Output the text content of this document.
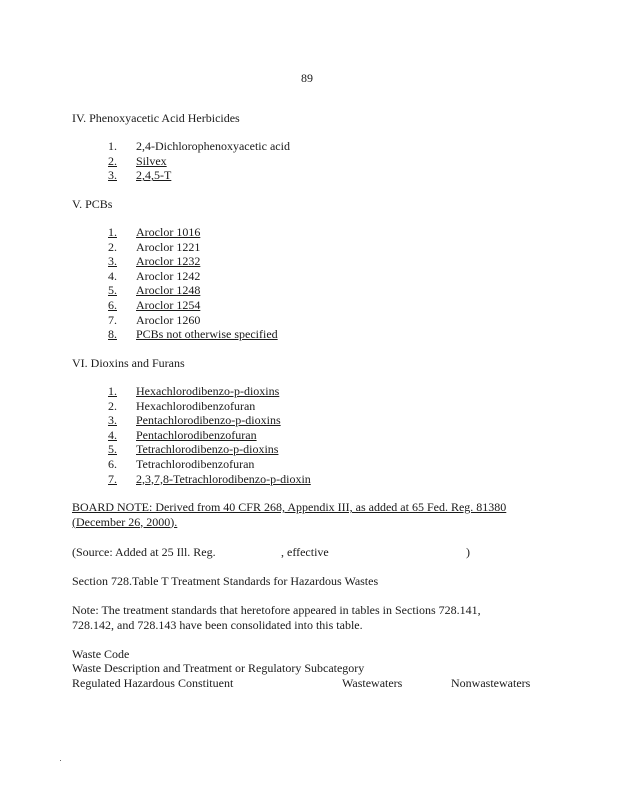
89
IV. Phenoxyacetic Acid Herbicides
1.	2,4-Dichlorophenoxyacetic acid
2.	Silvex
3.	2,4,5-T
V. PCBs
1.	Aroclor 1016
2.	Aroclor 1221
3.	Aroclor 1232
4.	Aroclor 1242
5.	Aroclor 1248
6.	Aroclor 1254
7.	Aroclor 1260
8.	PCBs not otherwise specified
VI. Dioxins and Furans
1.	Hexachlorodibenzo-p-dioxins
2.	Hexachlorodibenzofuran
3.	Pentachlorodibenzo-p-dioxins
4.	Pentachlorodibenzofuran
5.	Tetrachlorodibenzo-p-dioxins
6.	Tetrachlorodibenzofuran
7.	2,3,7,8-Tetrachlorodibenzo-p-dioxin
BOARD NOTE: Derived from 40 CFR 268, Appendix III, as added at 65 Fed. Reg. 81380 (December 26, 2000).
(Source: Added at 25 Ill. Reg.	, effective	)
Section 728.Table T Treatment Standards for Hazardous Wastes
Note: The treatment standards that heretofore appeared in tables in Sections 728.141, 728.142, and 728.143 have been consolidated into this table.
Waste Code
Waste Description and Treatment or Regulatory Subcategory
Regulated Hazardous Constituent	Wastewaters	Nonwastewaters
